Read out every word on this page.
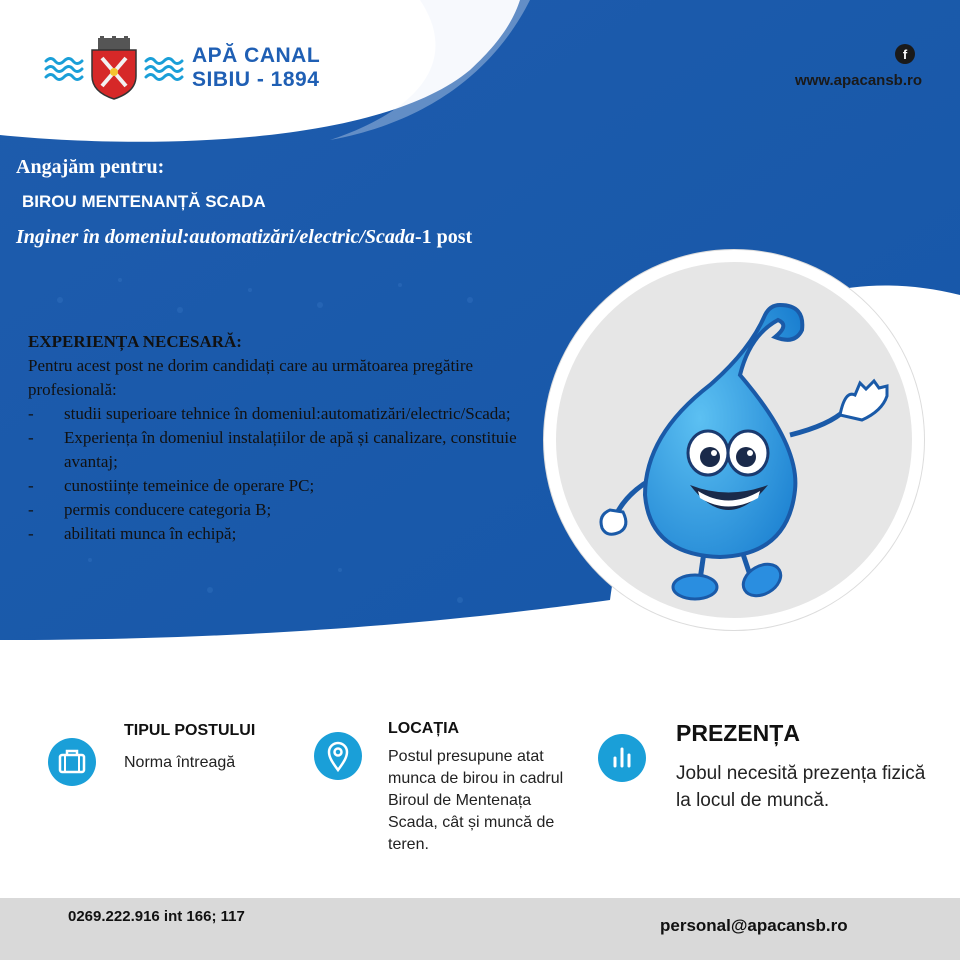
APĂ CANAL
SIBIU - 1894
f
www.apacansb.ro
Angajăm pentru:
BIROU MENTENANȚĂ SCADA
Inginer în domeniul:automatizări/electric/Scada-1 post
EXPERIENȚA NECESARĂ:
Pentru acest post ne dorim candidați care au următoarea pregătire profesională:
- studii superioare tehnice în domeniul:automatizări/electric/Scada;
- Experiența în domeniul instalațiilor de apă și canalizare, constituie avantaj;
- cunostiințe temeinice de operare PC;
- permis conducere categoria B;
- abilitati munca în echipă;
TIPUL POSTULUI
Norma întreagă
LOCAȚIA
Postul presupune atat munca de birou in cadrul Biroul de Mentenața Scada, cât și muncă de teren.
PREZENȚA
Jobul necesită prezența fizică la locul de muncă.
0269.222.916 int 166; 117	personal@apacansb.ro
